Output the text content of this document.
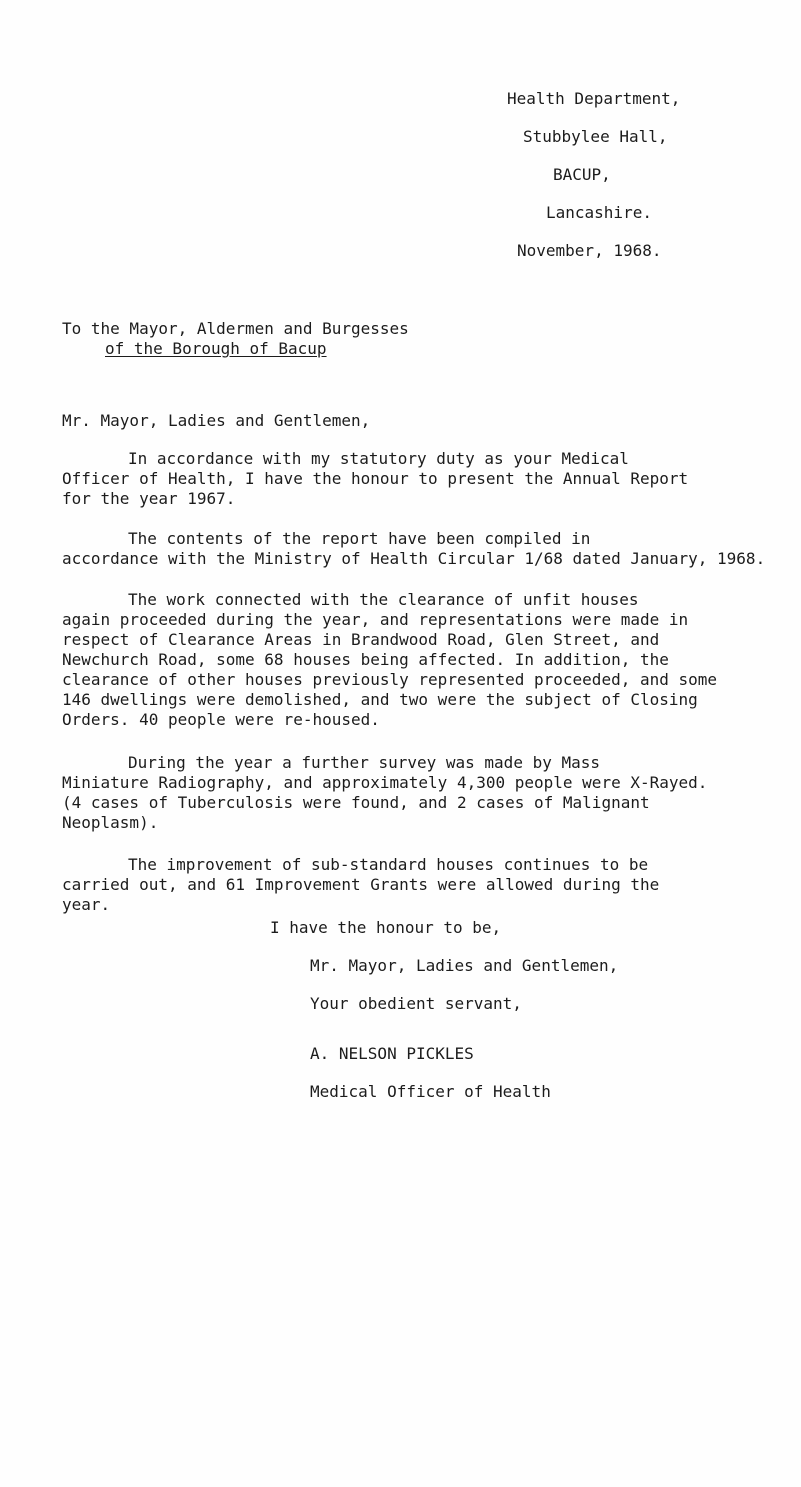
Health Department,
Stubbylee Hall,
BACUP,
Lancashire.
November, 1968.
To the Mayor, Aldermen and Burgesses
of the Borough of Bacup
Mr. Mayor, Ladies and Gentlemen,
In accordance with my statutory duty as your Medical
Officer of Health, I have the honour to present the Annual Report
for the year 1967.
The contents of the report have been compiled in
accordance with the Ministry of Health Circular 1/68 dated January, 1968.
The work connected with the clearance of unfit houses
again proceeded during the year, and representations were made in
respect of Clearance Areas in Brandwood Road, Glen Street, and
Newchurch Road, some 68 houses being affected. In addition, the
clearance of other houses previously represented proceeded, and some
146 dwellings were demolished, and two were the subject of Closing
Orders. 40 people were re-housed.
During the year a further survey was made by Mass
Miniature Radiography, and approximately 4,300 people were X-Rayed.
(4 cases of Tuberculosis were found, and 2 cases of Malignant
Neoplasm).
The improvement of sub-standard houses continues to be
carried out, and 61 Improvement Grants were allowed during the
year.
I have the honour to be,
Mr. Mayor, Ladies and Gentlemen,
Your obedient servant,
A. NELSON PICKLES
Medical Officer of Health
